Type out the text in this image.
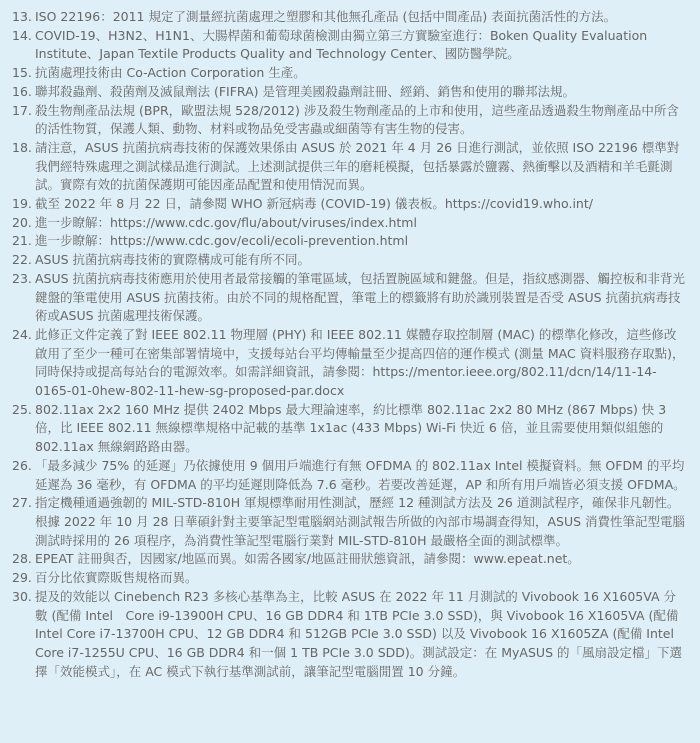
13. ISO 22196：2011 規定了測量經抗菌處理之塑膠和其他無孔產品 (包括中間產品) 表面抗菌活性的方法。
14. COVID-19、H3N2、H1N1、大腸桿菌和葡萄球菌檢測由獨立第三方實驗室進行：Boken Quality Evaluation Institute、Japan Textile Products Quality and Technology Center、國防醫學院。
15. 抗菌處理技術由 Co-Action Corporation 生產。
16. 聯邦殺蟲劑、殺菌劑及滅鼠劑法 (FIFRA) 是管理美國殺蟲劑註冊、經銷、銷售和使用的聯邦法規。
17. 殺生物劑產品法規 (BPR，歐盟法規 528/2012) 涉及殺生物劑產品的上市和使用，這些產品透過殺生物劑產品中所含的活性物質，保護人類、動物、材料或物品免受害蟲或細菌等有害生物的侵害。
18. 請注意，ASUS 抗菌抗病毒技術的保護效果係由 ASUS 於 2021 年 4 月 26 日進行測試，並依照 ISO 22196 標準對我們經特殊處理之測試樣品進行測試。上述測試提供三年的磨耗模擬，包括暴露於鹽霧、熱衝擊以及酒精和羊毛氈測試。實際有效的抗菌保護期可能因產品配置和使用情況而異。
19. 截至 2022 年 8 月 22 日，請參閱 WHO 新冠病毒 (COVID-19) 儀表板。https://covid19.who.int/
20. 進一步瞭解：https://www.cdc.gov/flu/about/viruses/index.html
21. 進一步瞭解：https://www.cdc.gov/ecoli/ecoli-prevention.html
22. ASUS 抗菌抗病毒技術的實際構成可能有所不同。
23. ASUS 抗菌抗病毒技術應用於使用者最常接觸的筆電區域，包括置腕區域和鍵盤。但是，指紋感測器、觸控板和非背光鍵盤的筆電使用 ASUS 抗菌技術。由於不同的規格配置，筆電上的標籤將有助於識別裝置是否受 ASUS 抗菌抗病毒技術或ASUS 抗菌處理技術保護。
24. 此修正文件定義了對 IEEE 802.11 物理層 (PHY) 和 IEEE 802.11 媒體存取控制層 (MAC) 的標準化修改，這些修改啟用了至少一種可在密集部署情境中，支援每站台平均傳輸量至少提高四倍的運作模式 (測量 MAC 資料服務存取點)，同時保持或提高每站台的電源效率。如需詳細資訊，請參閱：https://mentor.ieee.org/802.11/dcn/14/11-14-0165-01-0hew-802-11-hew-sg-proposed-par.docx
25. 802.11ax 2x2 160 MHz 提供 2402 Mbps 最大理論速率，約比標準 802.11ac 2x2 80 MHz (867 Mbps) 快 3 倍，比 IEEE 802.11 無線標準規格中記載的基準 1x1ac (433 Mbps) Wi-Fi 快近 6 倍，並且需要使用類似組態的 802.11ax 無線網路路由器。
26. 「最多減少 75% 的延遲」乃依據使用 9 個用戶端進行有無 OFDMA 的 802.11ax Intel 模擬資料。無 OFDM 的平均延遲為 36 毫秒，有 OFDMA 的平均延遲則降低為 7.6 毫秒。若要改善延遲，AP 和所有用戶端皆必須支援 OFDMA。
27. 指定機種通過強韌的 MIL-STD-810H 軍規標準耐用性測試，歷經 12 種測試方法及 26 道測試程序，確保非凡韌性。根據 2022 年 10 月 28 日華碩針對主要筆記型電腦網站測試報告所做的內部市場調查得知，ASUS 消費性筆記型電腦測試時採用的 26 項程序，為消費性筆記型電腦行業對 MIL-STD-810H 最嚴格全面的測試標準。
28. EPEAT 註冊與否，因國家/地區而異。如需各國家/地區註冊狀態資訊，請參閱：www.epeat.net。
29. 百分比依實際販售規格而異。
30. 提及的效能以 Cinebench R23 多核心基準為主，比較 ASUS 在 2022 年 11 月測試的 Vivobook 16 X1605VA 分數 (配備 Intel　Core i9-13900H CPU、16 GB DDR4 和 1TB PCIe 3.0 SSD)，與 Vivobook 16 X1605VA (配備 Intel Core i7-13700H CPU、12 GB DDR4 和 512GB PCIe 3.0 SSD) 以及 Vivobook 16 X1605ZA (配備 Intel Core i7-1255U CPU、16 GB DDR4 和一個 1 TB PCIe 3.0 SDD)。測試設定：在 MyASUS 的「風扇設定檔」下選擇「效能模式」，在 AC 模式下執行基準測試前，讓筆記型電腦閒置 10 分鐘。
